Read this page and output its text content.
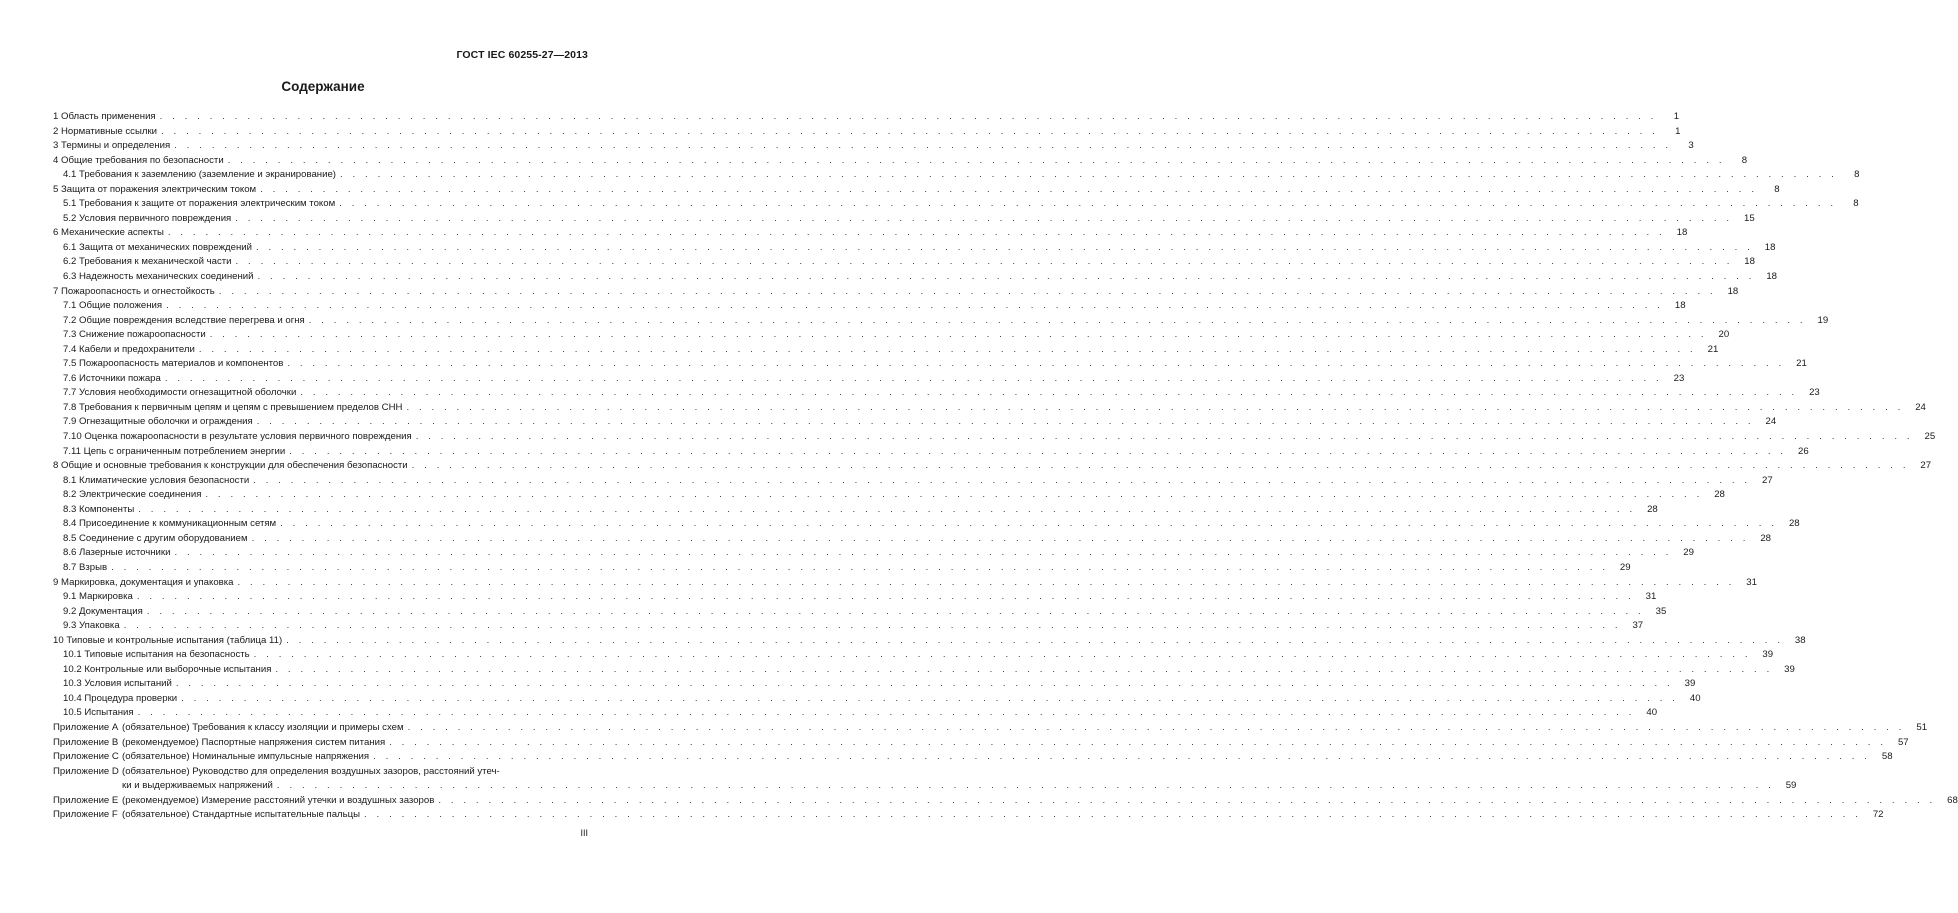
ГОСТ IEC 60255-27—2013
Содержание
1 Область применения . . . . . . . . . . . . . . . . . . . . . . . . . . . . . . . . . . . . . . . . . . . . . . . . . . . . . . . . . . . . . . . . . . . . . . . . . . . . . . . . . . . . . . . . . . . . . . . . . . . . . . . . . . . . . . . . . . . . . . . .	1
2 Нормативные ссылки . . . . . . . . . . . . . . . . . . . . . . . . . . . . . . . . . . . . . . . . . . . . . . . . . . . . . . . . . . . . . . . . . . . . . . . . . . . . . . . . . . . . . . . . . . . . . . . . . . . . . . . . . . . . . . . . . . . . . . . .	1
3 Термины и определения . . . . . . . . . . . . . . . . . . . . . . . . . . . . . . . . . . . . . . . . . . . . . . . . . . . . . . . . . . . . . . . . . . . . . . . . . . . . . . . . . . . . . . . . . . . . . . . . . . . . . . . . . . . . . . . . . . . . . . . .	3
4 Общие требования по безопасности . . . . . . . . . . . . . . . . . . . . . . . . . . . . . . . . . . . . . . . . . . . . . . . . . . . . . . . . . . . . . . . . . . . . . . . . . . . . . . . . . . . . . . . . . . . . . . . . . . . . . . . . . . . . . . . . . . . . . . . .	8
4.1 Требования к заземлению (заземление и экранирование) . . . . . . . . . . . . . . . . . . . . . . . . . . . . . . . . . . . . . . . . . . . . . . . . . . . . . . . . . . . . . . . . . . . . . . . . . . . . . . . . . . . . . . . . . . . . . . . . . . . . . . . . . . . . . . . . . . . . . . . .	8
5 Защита от поражения электрическим током . . . . . . . . . . . . . . . . . . . . . . . . . . . . . . . . . . . . . . . . . . . . . . . . . . . . . . . . . . . . . . . . . . . . . . . . . . . . . . . . . . . . . . . . . . . . . . . . . . . . . . . . . . . . . . . . . . . . . . . .	8
5.1 Требования к защите от поражения электрическим током . . . . . . . . . . . . . . . . . . . . . . . . . . . . . . . . . . . . . . . . . . . . . . . . . . . . . . . . . . . . . . . . . . . . . . . . . . . . . . . . . . . . . . . . . . . . . . . . . . . . . . . . . . . . . . . . . . . . . . . .	8
5.2 Условия первичного повреждения . . . . . . . . . . . . . . . . . . . . . . . . . . . . . . . . . . . . . . . . . . . . . . . . . . . . . . . . . . . . . . . . . . . . . . . . . . . . . . . . . . . . . . . . . . . . . . . . . . . . . . . . . . . . . . . . . . . . . . . .	15
6 Механические аспекты . . . . . . . . . . . . . . . . . . . . . . . . . . . . . . . . . . . . . . . . . . . . . . . . . . . . . . . . . . . . . . . . . . . . . . . . . . . . . . . . . . . . . . . . . . . . . . . . . . . . . . . . . . . . . . . . . . . . . . . .	18
6.1 Защита от механических повреждений . . . . . . . . . . . . . . . . . . . . . . . . . . . . . . . . . . . . . . . . . . . . . . . . . . . . . . . . . . . . . . . . . . . . . . . . . . . . . . . . . . . . . . . . . . . . . . . . . . . . . . . . . . . . . . . . . . . . . . . .	18
6.2 Требования к механической части . . . . . . . . . . . . . . . . . . . . . . . . . . . . . . . . . . . . . . . . . . . . . . . . . . . . . . . . . . . . . . . . . . . . . . . . . . . . . . . . . . . . . . . . . . . . . . . . . . . . . . . . . . . . . . . . . . . . . . . .	18
6.3 Надежность механических соединений . . . . . . . . . . . . . . . . . . . . . . . . . . . . . . . . . . . . . . . . . . . . . . . . . . . . . . . . . . . . . . . . . . . . . . . . . . . . . . . . . . . . . . . . . . . . . . . . . . . . . . . . . . . . . . . . . . . . . . . .	18
7 Пожароопасность и огнестойкость . . . . . . . . . . . . . . . . . . . . . . . . . . . . . . . . . . . . . . . . . . . . . . . . . . . . . . . . . . . . . . . . . . . . . . . . . . . . . . . . . . . . . . . . . . . . . . . . . . . . . . . . . . . . . . . . . . . . . . . .	18
7.1 Общие положения . . . . . . . . . . . . . . . . . . . . . . . . . . . . . . . . . . . . . . . . . . . . . . . . . . . . . . . . . . . . . . . . . . . . . . . . . . . . . . . . . . . . . . . . . . . . . . . . . . . . . . . . . . . . . . . . . . . . . . . .	18
7.2 Общие повреждения вследствие перегрева и огня . . . . . . . . . . . . . . . . . . . . . . . . . . . . . . . . . . . . . . . . . . . . . . . . . . . . . . . . . . . . . . . . . . . . . . . . . . . . . . . . . . . . . . . . . . . . . . . . . . . . . . . . . . . . . . . . . . . . . . . .	19
7.3 Снижение пожароопасности . . . . . . . . . . . . . . . . . . . . . . . . . . . . . . . . . . . . . . . . . . . . . . . . . . . . . . . . . . . . . . . . . . . . . . . . . . . . . . . . . . . . . . . . . . . . . . . . . . . . . . . . . . . . . . . . . . . . . . . .	20
7.4 Кабели и предохранители . . . . . . . . . . . . . . . . . . . . . . . . . . . . . . . . . . . . . . . . . . . . . . . . . . . . . . . . . . . . . . . . . . . . . . . . . . . . . . . . . . . . . . . . . . . . . . . . . . . . . . . . . . . . . . . . . . . . . . . .	21
7.5 Пожароопасность материалов и компонентов . . . . . . . . . . . . . . . . . . . . . . . . . . . . . . . . . . . . . . . . . . . . . . . . . . . . . . . . . . . . . . . . . . . . . . . . . . . . . . . . . . . . . . . . . . . . . . . . . . . . . . . . . . . . . . . . . . . . . . . .	21
7.6 Источники пожара . . . . . . . . . . . . . . . . . . . . . . . . . . . . . . . . . . . . . . . . . . . . . . . . . . . . . . . . . . . . . . . . . . . . . . . . . . . . . . . . . . . . . . . . . . . . . . . . . . . . . . . . . . . . . . . . . . . . . . . .	23
7.7 Условия необходимости огнезащитной оболочки . . . . . . . . . . . . . . . . . . . . . . . . . . . . . . . . . . . . . . . . . . . . . . . . . . . . . . . . . . . . . . . . . . . . . . . . . . . . . . . . . . . . . . . . . . . . . . . . . . . . . . . . . . . . . . . . . . . . . . . .	23
7.8 Требования к первичным цепям и цепям с превышением пределов СНН . . . . . . . . . . . . . . . . . . . . . . . . . . . . . . . . . . . . . . . . . . . . . . . . . . . . . . . . . . . . . . . . . . . . . . . . . . . . . . . . . . . . . . . . . . . . . . . . . . . . . . . . . . . . . . . . . . . . . . . .	24
7.9 Огнезащитные оболочки и ограждения . . . . . . . . . . . . . . . . . . . . . . . . . . . . . . . . . . . . . . . . . . . . . . . . . . . . . . . . . . . . . . . . . . . . . . . . . . . . . . . . . . . . . . . . . . . . . . . . . . . . . . . . . . . . . . . . . . . . . . . .	24
7.10 Оценка пожароопасности в результате условия первичного повреждения . . . . . . . . . . . . . . . . . . . . . . . . . . . . . . . . . . . . . . . . . . . . . . . . . . . . . . . . . . . . . . . . . . . . . . . . . . . . . . . . . . . . . . . . . . . . . . . . . . . . . . . . . . . . . . . . . . . . . . . .	25
7.11 Цепь с ограниченным потреблением энергии . . . . . . . . . . . . . . . . . . . . . . . . . . . . . . . . . . . . . . . . . . . . . . . . . . . . . . . . . . . . . . . . . . . . . . . . . . . . . . . . . . . . . . . . . . . . . . . . . . . . . . . . . . . . . . . . . . . . . . . .	26
8 Общие и основные требования к конструкции для обеспечения безопасности . . . . . . . . . . . . . . . . . . . . . . . . . . . . . . . . . . . . . . . . . . . . . . . . . . . . . . . . . . . . . . . . . . . . . . . . . . . . . . . . . . . . . . . . . . . . . . . . . . . . . . . . . . . . . . . . . . . . . . . .	27
8.1 Климатические условия безопасности . . . . . . . . . . . . . . . . . . . . . . . . . . . . . . . . . . . . . . . . . . . . . . . . . . . . . . . . . . . . . . . . . . . . . . . . . . . . . . . . . . . . . . . . . . . . . . . . . . . . . . . . . . . . . . . . . . . . . . . .	27
8.2 Электрические соединения . . . . . . . . . . . . . . . . . . . . . . . . . . . . . . . . . . . . . . . . . . . . . . . . . . . . . . . . . . . . . . . . . . . . . . . . . . . . . . . . . . . . . . . . . . . . . . . . . . . . . . . . . . . . . . . . . . . . . . . .	28
8.3 Компоненты . . . . . . . . . . . . . . . . . . . . . . . . . . . . . . . . . . . . . . . . . . . . . . . . . . . . . . . . . . . . . . . . . . . . . . . . . . . . . . . . . . . . . . . . . . . . . . . . . . . . . . . . . . . . . . . . . . . . . . . .	28
8.4 Присоединение к коммуникационным сетям . . . . . . . . . . . . . . . . . . . . . . . . . . . . . . . . . . . . . . . . . . . . . . . . . . . . . . . . . . . . . . . . . . . . . . . . . . . . . . . . . . . . . . . . . . . . . . . . . . . . . . . . . . . . . . . . . . . . . . . .	28
8.5 Соединение с другим оборудованием . . . . . . . . . . . . . . . . . . . . . . . . . . . . . . . . . . . . . . . . . . . . . . . . . . . . . . . . . . . . . . . . . . . . . . . . . . . . . . . . . . . . . . . . . . . . . . . . . . . . . . . . . . . . . . . . . . . . . . . .	28
8.6 Лазерные источники . . . . . . . . . . . . . . . . . . . . . . . . . . . . . . . . . . . . . . . . . . . . . . . . . . . . . . . . . . . . . . . . . . . . . . . . . . . . . . . . . . . . . . . . . . . . . . . . . . . . . . . . . . . . . . . . . . . . . . . .	29
8.7 Взрыв . . . . . . . . . . . . . . . . . . . . . . . . . . . . . . . . . . . . . . . . . . . . . . . . . . . . . . . . . . . . . . . . . . . . . . . . . . . . . . . . . . . . . . . . . . . . . . . . . . . . . . . . . . . . . . . . . . . . . . . .	29
9 Маркировка, документация и упаковка . . . . . . . . . . . . . . . . . . . . . . . . . . . . . . . . . . . . . . . . . . . . . . . . . . . . . . . . . . . . . . . . . . . . . . . . . . . . . . . . . . . . . . . . . . . . . . . . . . . . . . . . . . . . . . . . . . . . . . . .	31
9.1 Маркировка . . . . . . . . . . . . . . . . . . . . . . . . . . . . . . . . . . . . . . . . . . . . . . . . . . . . . . . . . . . . . . . . . . . . . . . . . . . . . . . . . . . . . . . . . . . . . . . . . . . . . . . . . . . . . . . . . . . . . . . .	31
9.2 Документация . . . . . . . . . . . . . . . . . . . . . . . . . . . . . . . . . . . . . . . . . . . . . . . . . . . . . . . . . . . . . . . . . . . . . . . . . . . . . . . . . . . . . . . . . . . . . . . . . . . . . . . . . . . . . . . . . . . . . . . .	35
9.3 Упаковка . . . . . . . . . . . . . . . . . . . . . . . . . . . . . . . . . . . . . . . . . . . . . . . . . . . . . . . . . . . . . . . . . . . . . . . . . . . . . . . . . . . . . . . . . . . . . . . . . . . . . . . . . . . . . . . . . . . . . . . .	37
10 Типовые и контрольные испытания (таблица 11) . . . . . . . . . . . . . . . . . . . . . . . . . . . . . . . . . . . . . . . . . . . . . . . . . . . . . . . . . . . . . . . . . . . . . . . . . . . . . . . . . . . . . . . . . . . . . . . . . . . . . . . . . . . . . . . . . . . . . . . .	38
10.1 Типовые испытания на безопасность . . . . . . . . . . . . . . . . . . . . . . . . . . . . . . . . . . . . . . . . . . . . . . . . . . . . . . . . . . . . . . . . . . . . . . . . . . . . . . . . . . . . . . . . . . . . . . . . . . . . . . . . . . . . . . . . . . . . . . . .	39
10.2 Контрольные или выборочные испытания . . . . . . . . . . . . . . . . . . . . . . . . . . . . . . . . . . . . . . . . . . . . . . . . . . . . . . . . . . . . . . . . . . . . . . . . . . . . . . . . . . . . . . . . . . . . . . . . . . . . . . . . . . . . . . . . . . . . . . . .	39
10.3 Условия испытаний . . . . . . . . . . . . . . . . . . . . . . . . . . . . . . . . . . . . . . . . . . . . . . . . . . . . . . . . . . . . . . . . . . . . . . . . . . . . . . . . . . . . . . . . . . . . . . . . . . . . . . . . . . . . . . . . . . . . . . . .	39
10.4 Процедура проверки . . . . . . . . . . . . . . . . . . . . . . . . . . . . . . . . . . . . . . . . . . . . . . . . . . . . . . . . . . . . . . . . . . . . . . . . . . . . . . . . . . . . . . . . . . . . . . . . . . . . . . . . . . . . . . . . . . . . . . . .	40
10.5 Испытания . . . . . . . . . . . . . . . . . . . . . . . . . . . . . . . . . . . . . . . . . . . . . . . . . . . . . . . . . . . . . . . . . . . . . . . . . . . . . . . . . . . . . . . . . . . . . . . . . . . . . . . . . . . . . . . . . . . . . . . .	40
Приложение A (обязательное) Требования к классу изоляции и примеры схем . . . . . . . . . . . . . . . . . . . . . . . . . . . . . . . . . . . . . . . . . . . . . . . . . . . . . . . . . . . . . . . . . . . . . . . . . . . . . . . . . . . . . . . . . . . . . . . . . . . . . . . . . . . . . . . . . . . . . . . .	51
Приложение B (рекомендуемое) Паспортные напряжения систем питания . . . . . . . . . . . . . . . . . . . . . . . . . . . . . . . . . . . . . . . . . . . . . . . . . . . . . . . . . . . . . . . . . . . . . . . . . . . . . . . . . . . . . . . . . . . . . . . . . . . . . . . . . . . . . . . . . . . . . . . .	57
Приложение C (обязательное) Номинальные импульсные напряжения . . . . . . . . . . . . . . . . . . . . . . . . . . . . . . . . . . . . . . . . . . . . . . . . . . . . . . . . . . . . . . . . . . . . . . . . . . . . . . . . . . . . . . . . . . . . . . . . . . . . . . . . . . . . . . . . . . . . . . . .	58
Приложение D (обязательное) Руководство для определения воздушных зазоров, расстояний утеч-
ки и выдерживаемых напряжений . . . . . . . . . . . . . . . . . . . . . . . . . . . . . . . . . . . . . . . . . . . . . . . . . . . . . . . . . . . . . . . . . . . . . . . . . . . . . . . . . . . . . . . . . . . . . . . . . . . . . . . . . . . . . . . . . . . . . . . .	59
Приложение E (рекомендуемое) Измерение расстояний утечки и воздушных зазоров . . . . . . . . . . . . . . . . . . . . . . . . . . . . . . . . . . . . . . . . . . . . . . . . . . . . . . . . . . . . . . . . . . . . . . . . . . . . . . . . . . . . . . . . . . . . . . . . . . . . . . . . . . . . . . . . . . . . . . . .	68
Приложение F (обязательное) Стандартные испытательные пальцы . . . . . . . . . . . . . . . . . . . . . . . . . . . . . . . . . . . . . . . . . . . . . . . . . . . . . . . . . . . . . . . . . . . . . . . . . . . . . . . . . . . . . . . . . . . . . . . . . . . . . . . . . . . . . . . . . . . . . . . .	72
III
